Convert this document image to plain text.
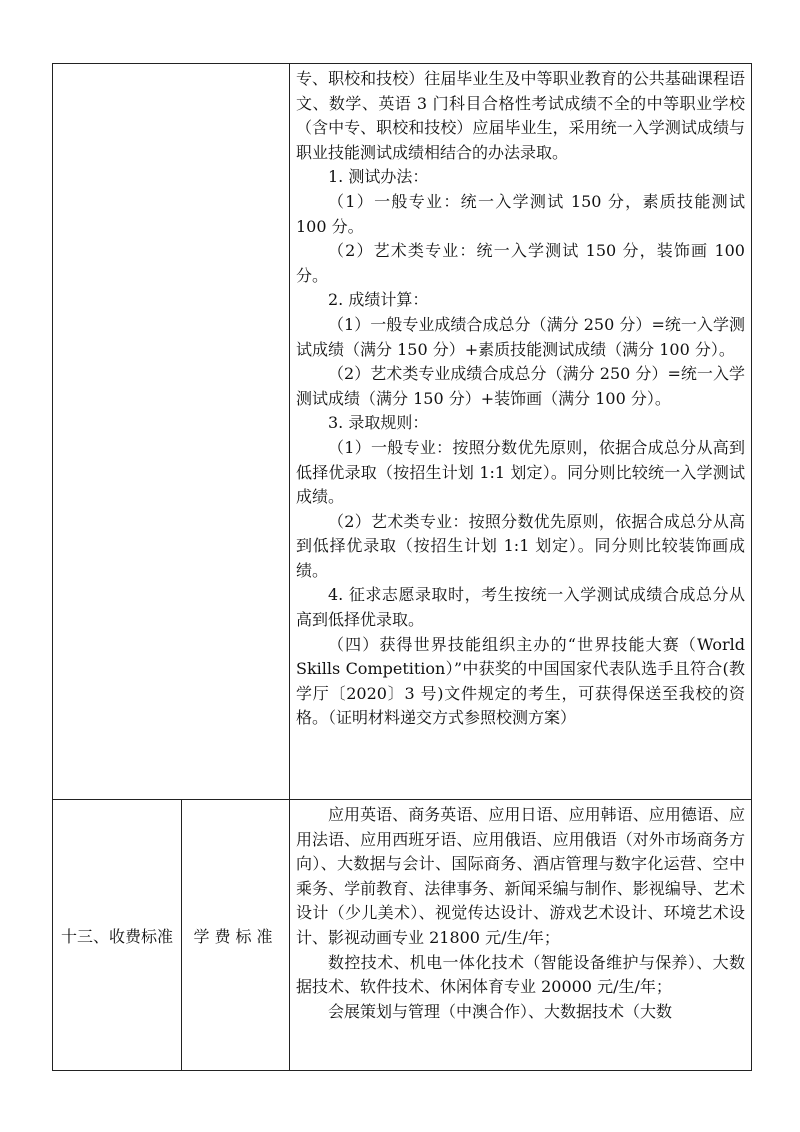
专、职校和技校）往届毕业生及中等职业教育的公共基础课程语文、数学、英语 3 门科目合格性考试成绩不全的中等职业学校（含中专、职校和技校）应届毕业生，采用统一入学测试成绩与职业技能测试成绩相结合的办法录取。

1. 测试办法：

（1）一般专业：统一入学测试 150 分，素质技能测试 100 分。

（2）艺术类专业：统一入学测试 150 分，装饰画 100 分。

2. 成绩计算：

（1）一般专业成绩合成总分（满分 250 分）=统一入学测试成绩（满分 150 分）+素质技能测试成绩（满分 100 分）。

（2）艺术类专业成绩合成总分（满分 250 分）=统一入学测试成绩（满分 150 分）+装饰画（满分 100 分）。

3. 录取规则：

（1）一般专业：按照分数优先原则，依据合成总分从高到低择优录取（按招生计划 1:1 划定）。同分则比较统一入学测试成绩。

（2）艺术类专业：按照分数优先原则，依据合成总分从高到低择优录取（按招生计划 1:1 划定）。同分则比较装饰画成绩。

4. 征求志愿录取时，考生按统一入学测试成绩合成总分从高到低择优录取。

（四）获得世界技能组织主办的“世界技能大赛（World Skills Competition）”中获奖的中国国家代表队选手且符合(教学厅〔2020〕3 号)文件规定的考生，可获得保送至我校的资格。（证明材料递交方式参照校测方案）

十三、收费标准	学费标准

应用英语、商务英语、应用日语、应用韩语、应用德语、应用法语、应用西班牙语、应用俄语、应用俄语（对外市场商务方向）、大数据与会计、国际商务、酒店管理与数字化运营、空中乘务、学前教育、法律事务、新闻采编与制作、影视编导、艺术设计（少儿美术）、视觉传达设计、游戏艺术设计、环境艺术设计、影视动画专业 21800 元/生/年；

数控技术、机电一体化技术（智能设备维护与保养）、大数据技术、软件技术、休闲体育专业 20000 元/生/年；

会展策划与管理（中澳合作）、大数据技术（大数
